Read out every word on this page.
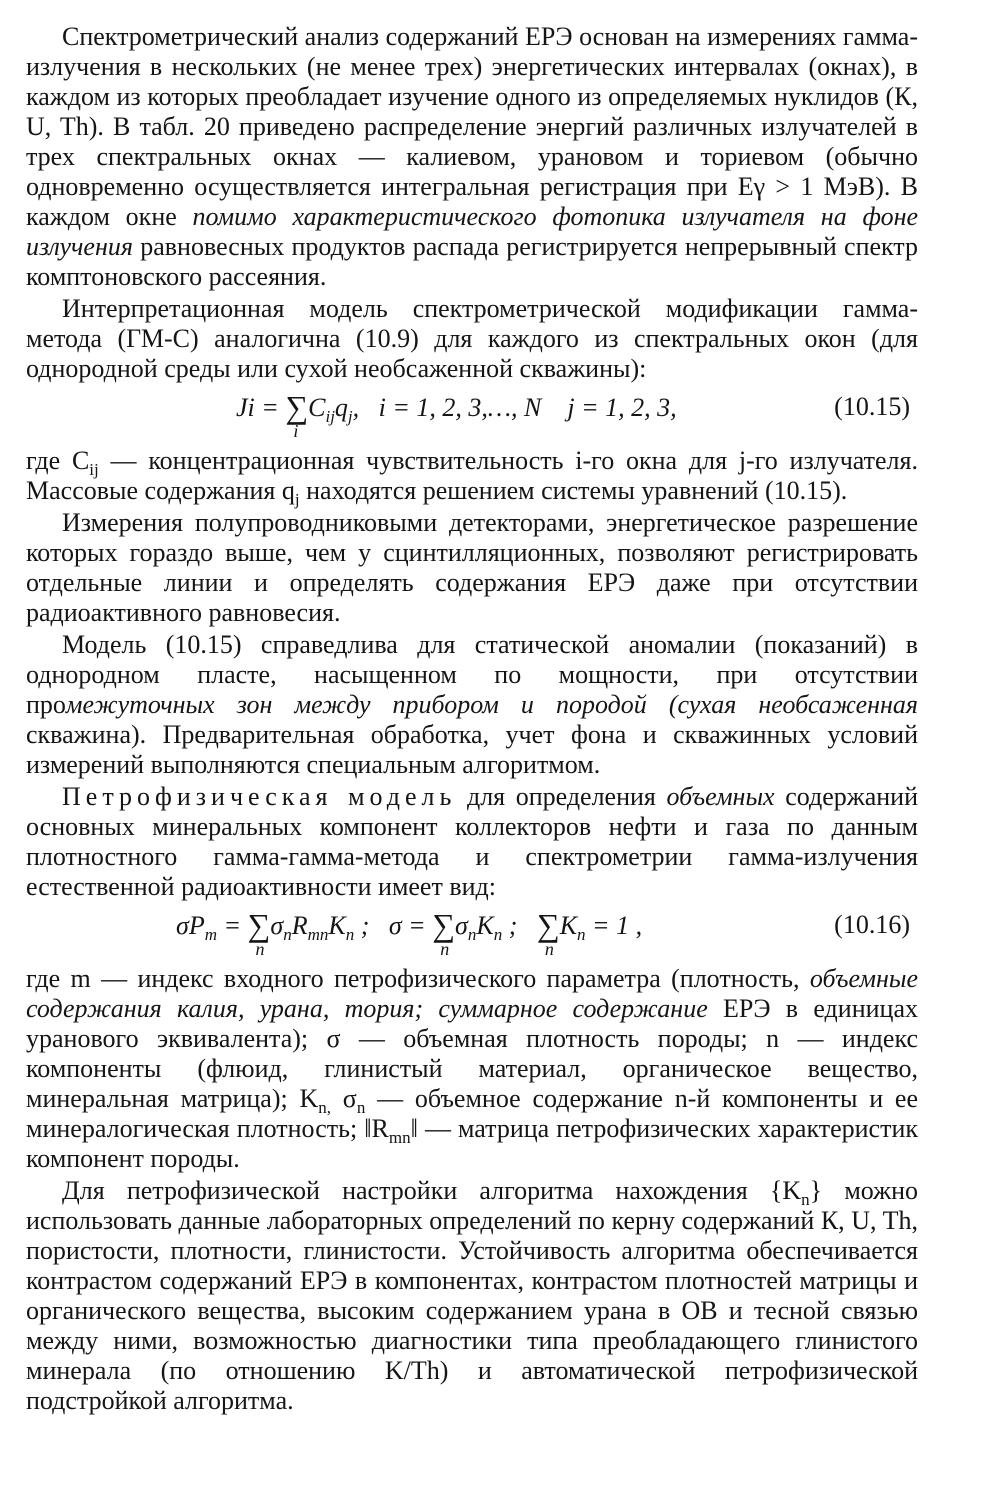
Спектрометрический анализ содержаний ЕРЭ основан на измерениях гамма-излучения в нескольких (не менее трех) энергетических интервалах (окнах), в каждом из которых преобладает изучение одного из определяемых нуклидов (К, U, Th). В табл. 20 приведено распределение энергий различных излучателей в трех спектральных окнах — калиевом, урановом и ториевом (обычно одновременно осуществляется интегральная регистрация при Eγ > 1 МэВ). В каждом окне помимо характеристического фотопика излучателя на фоне излучения равновесных продуктов распада регистрируется непрерывный спектр комптоновского рассеяния.

Интерпретационная модель спектрометрической модификации гамма-метода (ГМ-С) аналогична (10.9) для каждого из спектральных окон (для однородной среды или сухой необсаженной скважины):

Ji = ∑
i
$C_{ij}q_j$,   i = 1, 2, 3,…, N    j = 1, 2, 3,	(10.15)

где $C_{ij}$ — концентрационная чувствительность i-го окна для j-го излучателя. Массовые содержания $q_j$ находятся решением системы уравнений (10.15).

Измерения полупроводниковыми детекторами, энергетическое разрешение которых гораздо выше, чем у сцинтилляционных, позволяют регистрировать отдельные линии и определять содержания ЕРЭ даже при отсутствии радиоактивного равновесия.

Модель (10.15) справедлива для статической аномалии (показаний) в однородном пласте, насыщенном по мощности, при отсутствии промежуточных зон между прибором и породой (сухая необсаженная скважина). Предварительная обработка, учет фона и скважинных условий измерений выполняются специальным алгоритмом.

Петрофизическая модель для определения объемных содержаний основных минеральных компонент коллекторов нефти и газа по данным плотностного гамма-гамма-метода и спектрометрии гамма-излучения естественной радиоактивности имеет вид:

$\sigma P_m$ = ∑
n
$\sigma_nR_{mn}K_n$ ;   σ = ∑
n
$\sigma_nK_n$ ;   ∑
n
$K_n = 1$ ,	(10.16)

где m — индекс входного петрофизического параметра (плотность, объемные содержания калия, урана, тория; суммарное содержание ЕРЭ в единицах уранового эквивалента); σ — объемная плотность породы; n — индекс компоненты (флюид, глинистый материал, органическое вещество, минеральная матрица); $K_{n,}$ $\sigma_n$ — объемное содержание n-й компоненты и ее минералогическая плотность; $‖R_{mn}‖$ — матрица петрофизических характеристик компонент породы.

Для петрофизической настройки алгоритма нахождения $\{K_n\}$ можно использовать данные лабораторных определений по керну содержаний К, U, Th, пористости, плотности, глинистости. Устойчивость алгоритма обеспечивается контрастом содержаний ЕРЭ в компонентах, контрастом плотностей матрицы и органического вещества, высоким содержанием урана в ОВ и тесной связью между ними, возможностью диагностики типа преобладающего глинистого минерала (по отношению K/Th) и автоматической петрофизической подстройкой алгоритма.
